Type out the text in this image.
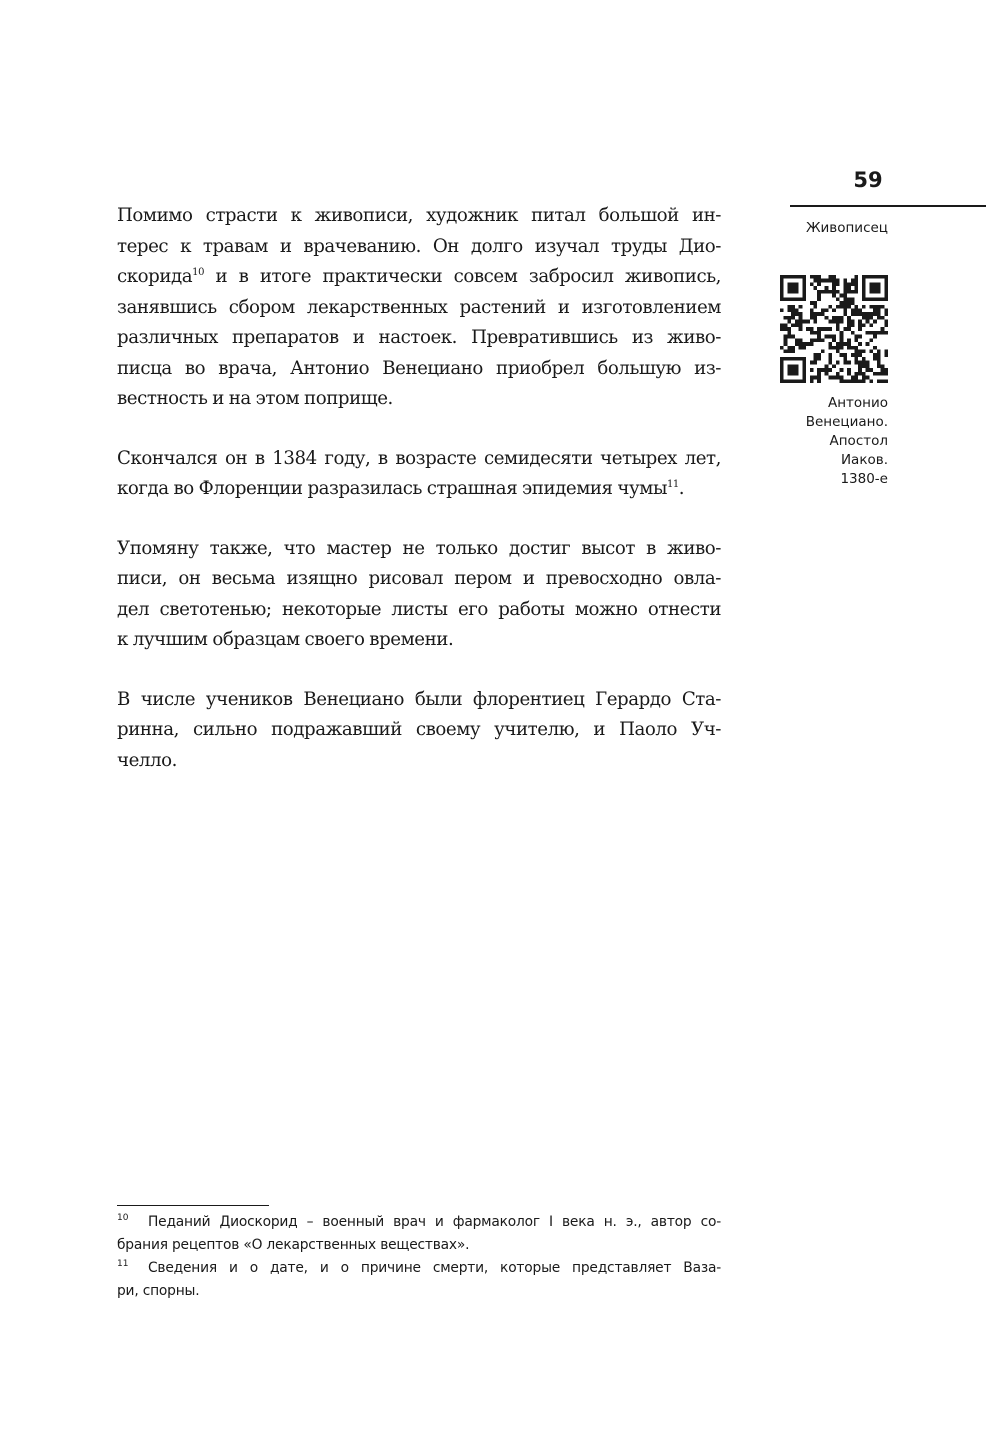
59
Живописец
Антонио
Венециано.
Апостол
Иаков.
1380-е

Помимо страсти к живописи, художник питал большой ин-
терес к травам и врачеванию. Он долго изучал труды Дио-
скорида$^{10}$ и в итоге практически совсем забросил живопись,
занявшись сбором лекарственных растений и изготовлением
различных препаратов и настоек. Превратившись из живо-
писца во врача, Антонио Венециано приобрел большую из-
вестность и на этом поприще.

Скончался он в 1384 году, в возрасте семидесяти четырех лет,
когда во Флоренции разразилась страшная эпидемия чумы$^{11}$.

Упомяну также, что мастер не только достиг высот в живо-
писи, он весьма изящно рисовал пером и превосходно овла-
дел светотенью; некоторые листы его работы можно отнести
к лучшим образцам своего времени.

В числе учеников Венециано были флорентиец Герардо Ста-
ринна, сильно подражавший своему учителю, и Паоло Уч-
челло.

10 Педаний Диоскорид – военный врач и фармаколог I века н. э., автор со-
брания рецептов «О лекарственных веществах».
11 Сведения и о дате, и о причине смерти, которые представляет Вазa-
ри, спорны.
